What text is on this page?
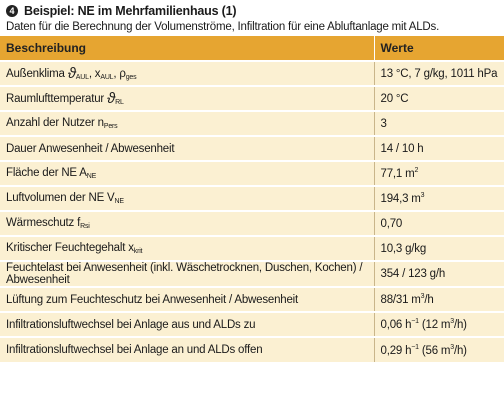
4 Beispiel: NE im Mehrfamilienhaus (1)
Daten für die Berechnung der Volumenströme, Infiltration für eine Abluftanlage mit ALDs.
Beschreibung	Werte
Außenklima $ϑ_{AUL}$, $x_{AUL}$, $\rho_{ges}$	13 °C, 7 g/kg, 1011 hPa
Raumlufttemperatur $ϑ_{RL}$	20 °C
Anzahl der Nutzer $n_{Pers}$	3
Dauer Anwesenheit / Abwesenheit	14 / 10 h
Fläche der NE $A_{NE}$	77,1 $m^2$
Luftvolumen der NE $V_{NE}$	194,3 $m^3$
Wärmeschutz $f_{Rsi}$	0,70
Kritischer Feuchtegehalt $x_{krit}$	10,3 g/kg
Feuchtelast bei Anwesenheit (inkl. Wäschetrocknen, Duschen, Kochen) / Abwesenheit	354 / 123 g/h
Lüftung zum Feuchteschutz bei Anwesenheit / Abwesenheit	88/31 $m^3/h$
Infiltrationsluftwechsel bei Anlage aus und ALDs zu	0,06 $h^{-1}$ (12 $m^3/h$)
Infiltrationsluftwechsel bei Anlage an und ALDs offen	0,29 $h^{-1}$ (56 $m^3/h$)
